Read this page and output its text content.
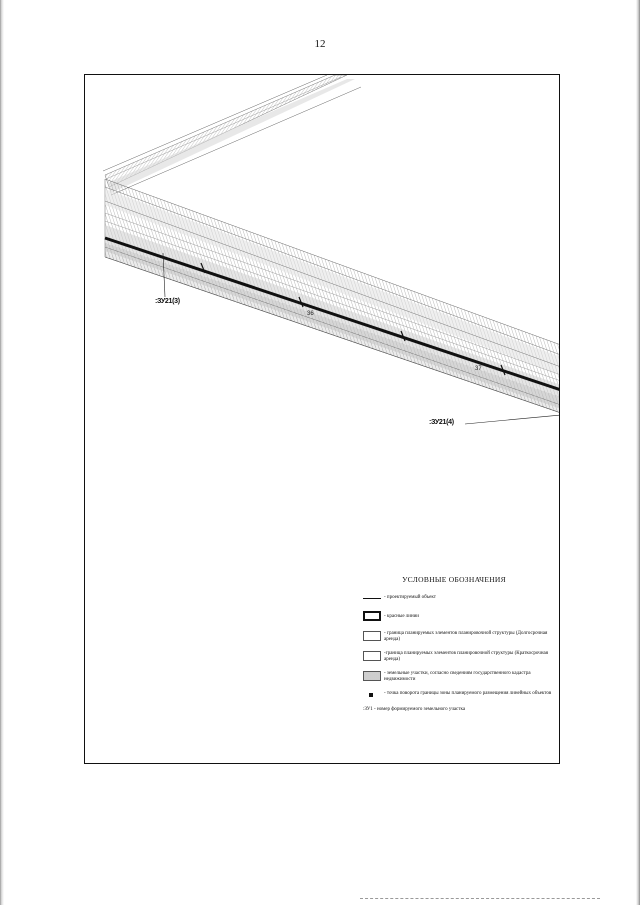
12
:ЗУ21(3)
:ЗУ21(4)
36
37
УСЛОВНЫЕ ОБОЗНАЧЕНИЯ
- проектируемый объект
- красные линии
- граница планируемых элементов планировочной структуры (Долгосрочная аренда)
-граница планируемых элементов планировочной структуры (Краткосрочная аренда)
- земельные участки, согласно сведениям государственного кадастра недвижимости
- точка поворота границы зоны планируемого размещения линейных объектов
:ЗУ1 - номер формируемого земельного участка
